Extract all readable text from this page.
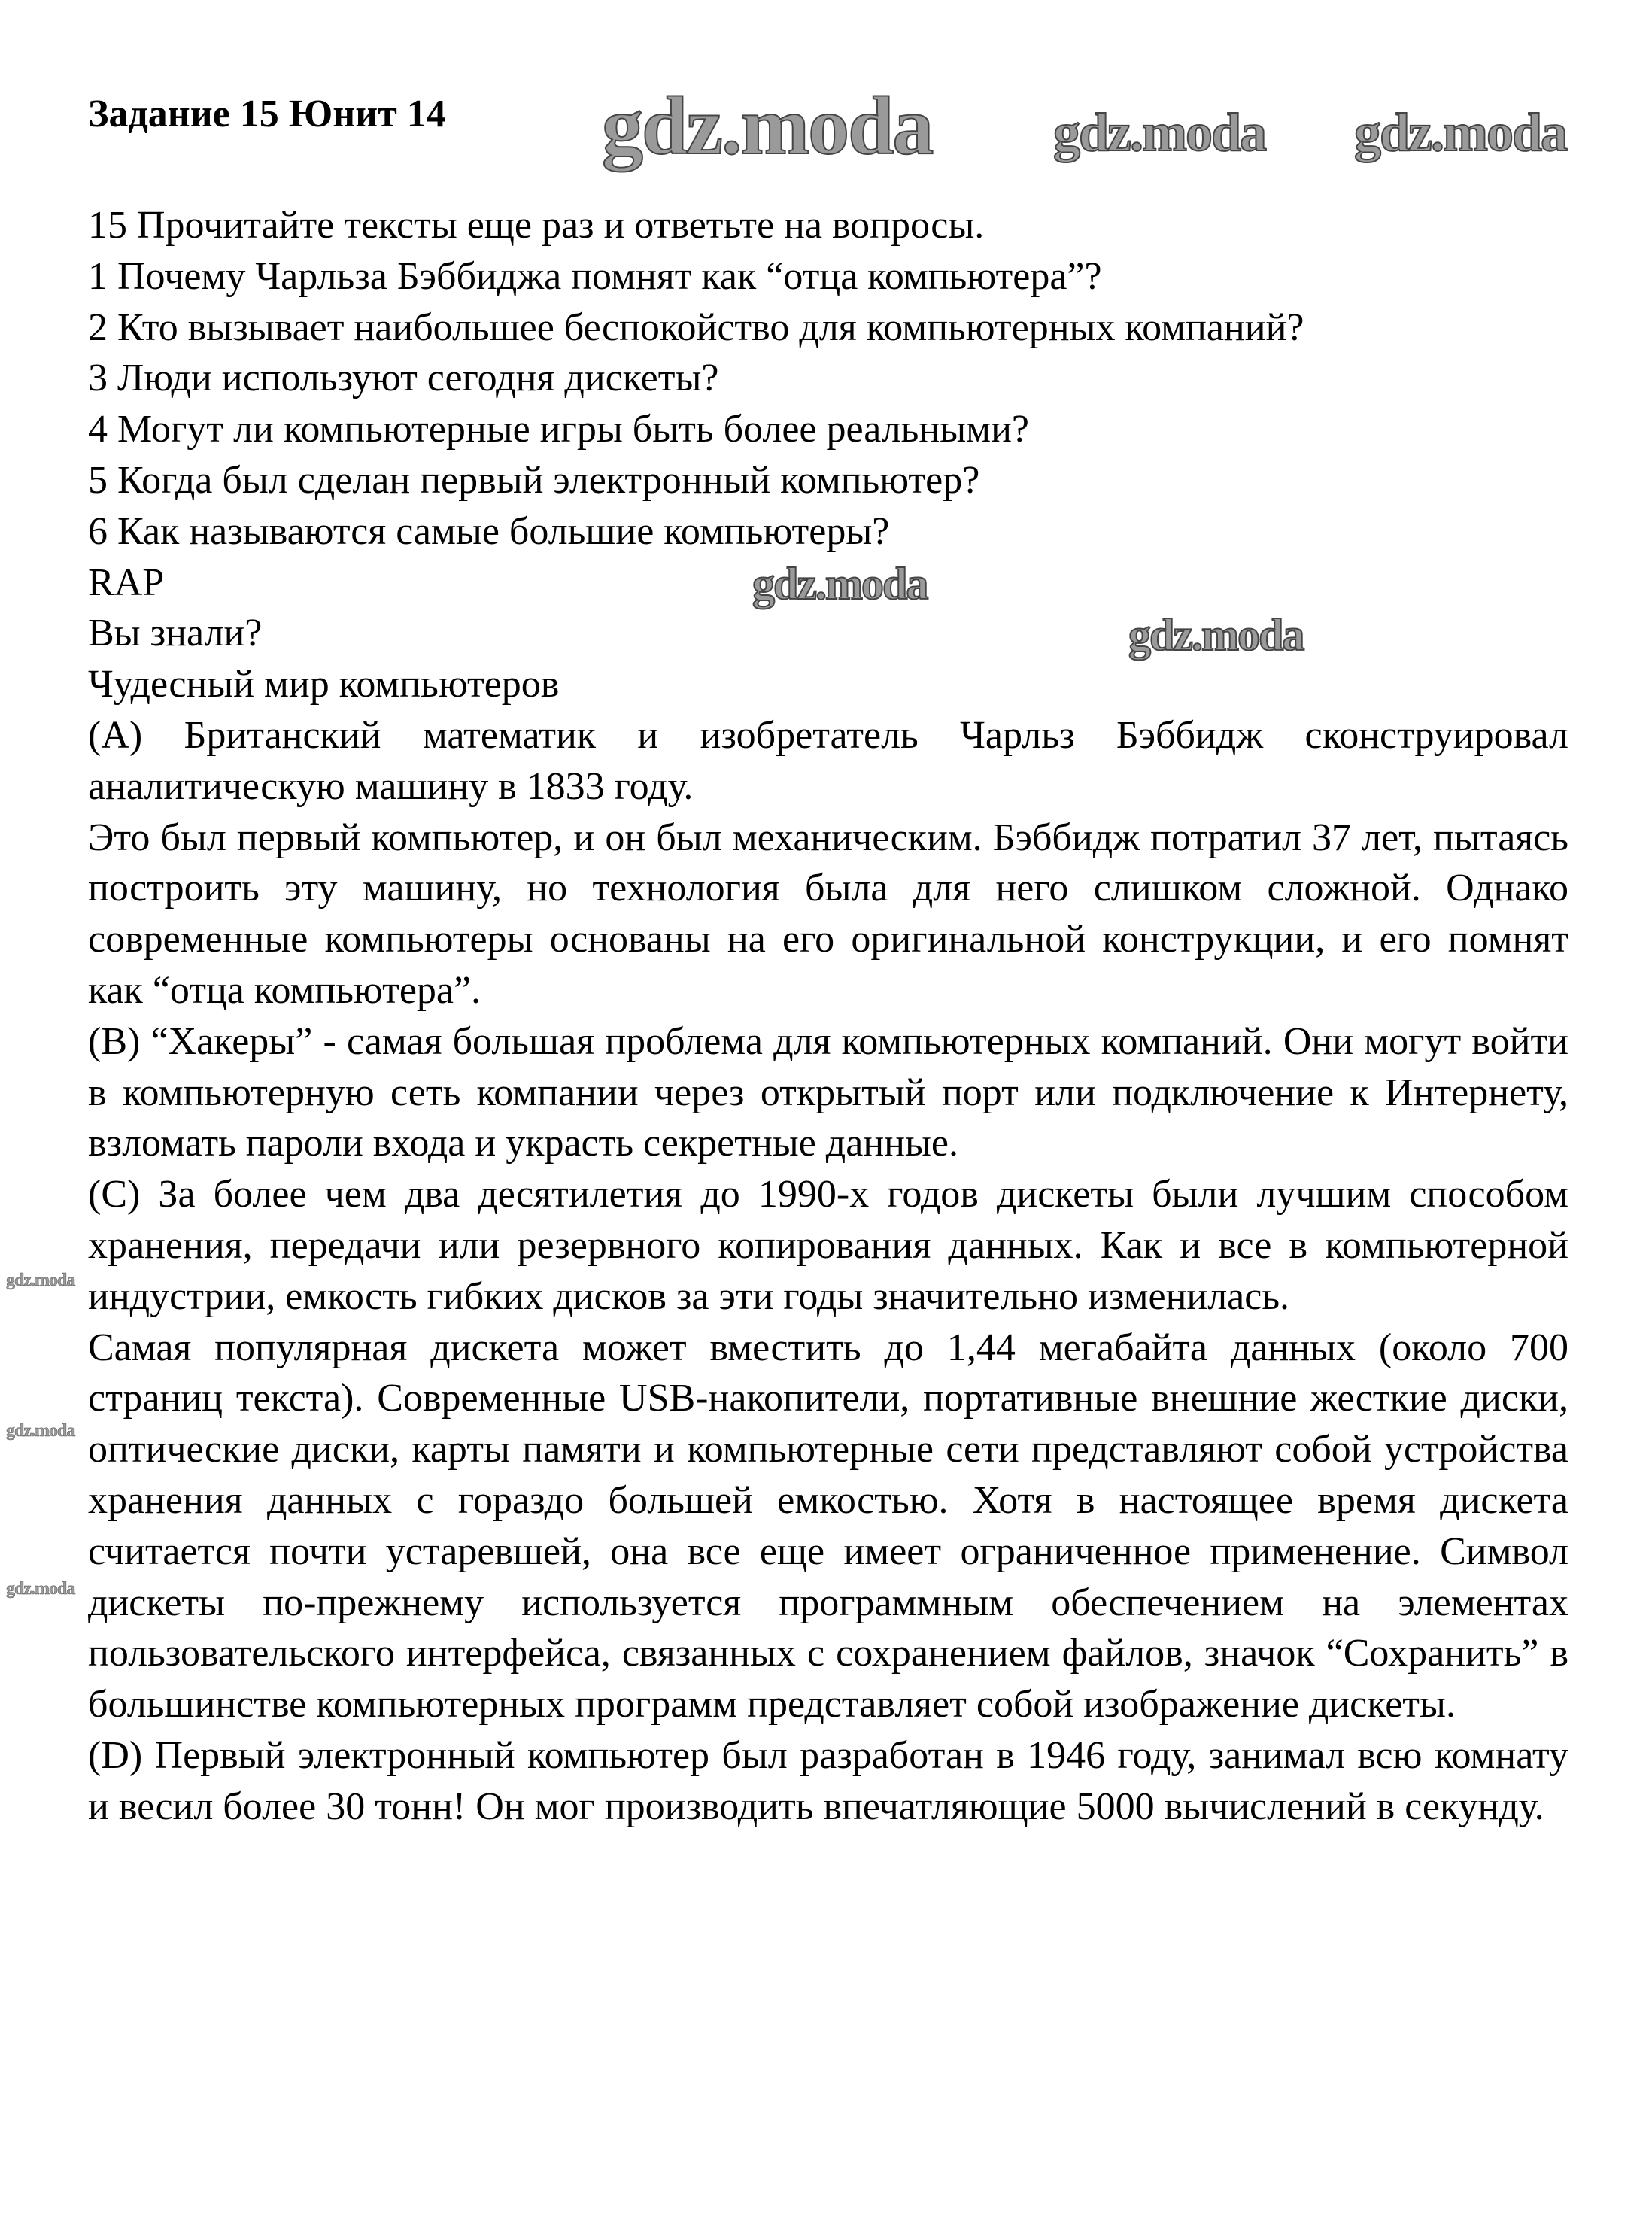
Задание 15 Юнит 14
15 Прочитайте тексты еще раз и ответьте на вопросы.
1 Почему Чарльза Бэббиджа помнят как “отца компьютера”?
2 Кто вызывает наибольшее беспокойство для компьютерных компаний?
3 Люди используют сегодня дискеты?
4 Могут ли компьютерные игры быть более реальными?
5 Когда был сделан первый электронный компьютер?
6 Как называются самые большие компьютеры?
RAP
Вы знали?
Чудесный мир компьютеров
(А) Британский математик и изобретатель Чарльз Бэббидж сконструировал аналитическую машину в 1833 году.
Это был первый компьютер, и он был механическим. Бэббидж потратил 37 лет, пытаясь построить эту машину, но технология была для него слишком сложной. Однако современные компьютеры основаны на его оригинальной конструкции, и его помнят как “отца компьютера”.
(В) “Хакеры” - самая большая проблема для компьютерных компаний. Они могут войти в компьютерную сеть компании через открытый порт или подключение к Интернету, взломать пароли входа и украсть секретные данные.
(С) За более чем два десятилетия до 1990-х годов дискеты были лучшим способом хранения, передачи или резервного копирования данных. Как и все в компьютерной индустрии, емкость гибких дисков за эти годы значительно изменилась.
Самая популярная дискета может вместить до 1,44 мегабайта данных (около 700 страниц текста). Современные USB-накопители, портативные внешние жесткие диски, оптические диски, карты памяти и компьютерные сети представляют собой устройства хранения данных с гораздо большей емкостью. Хотя в настоящее время дискета считается почти устаревшей, она все еще имеет ограниченное применение. Символ дискеты по-прежнему используется программным обеспечением на элементах пользовательского интерфейса, связанных с сохранением файлов, значок “Сохранить” в большинстве компьютерных программ представляет собой изображение дискеты.
(D) Первый электронный компьютер был разработан в 1946 году, занимал всю комнату и весил более 30 тонн! Он мог производить впечатляющие 5000 вычислений в секунду.
gdz.moda gdz.moda gdz.moda
gdz.moda
gdz.moda
gdz.moda
gdz.moda
gdz.moda
